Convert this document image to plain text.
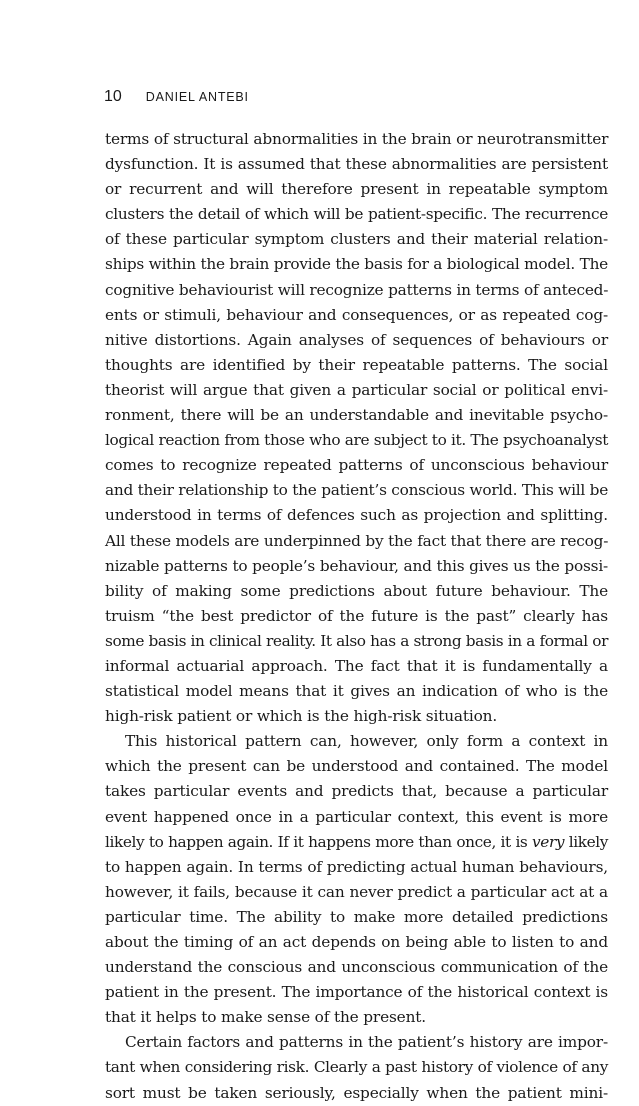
10 DANIEL ANTEBI
terms of structural abnormalities in the brain or neurotransmitter
dysfunction. It is assumed that these abnormalities are persistent
or recurrent and will therefore present in repeatable symptom
clusters the detail of which will be patient-specific. The recurrence
of these particular symptom clusters and their material relation-
ships within the brain provide the basis for a biological model. The
cognitive behaviourist will recognize patterns in terms of anteced-
ents or stimuli, behaviour and consequences, or as repeated cog-
nitive distortions. Again analyses of sequences of behaviours or
thoughts are identified by their repeatable patterns. The social
theorist will argue that given a particular social or political envi-
ronment, there will be an understandable and inevitable psycho-
logical reaction from those who are subject to it. The psychoanalyst
comes to recognize repeated patterns of unconscious behaviour
and their relationship to the patient’s conscious world. This will be
understood in terms of defences such as projection and splitting.
All these models are underpinned by the fact that there are recog-
nizable patterns to people’s behaviour, and this gives us the possi-
bility of making some predictions about future behaviour. The
truism “the best predictor of the future is the past” clearly has
some basis in clinical reality. It also has a strong basis in a formal or
informal actuarial approach. The fact that it is fundamentally a
statistical model means that it gives an indication of who is the
high-risk patient or which is the high-risk situation.
This historical pattern can, however, only form a context in
which the present can be understood and contained. The model
takes particular events and predicts that, because a particular
event happened once in a particular context, this event is more
likely to happen again. If it happens more than once, it is very likely
to happen again. In terms of predicting actual human behaviours,
however, it fails, because it can never predict a particular act at a
particular time. The ability to make more detailed predictions
about the timing of an act depends on being able to listen to and
understand the conscious and unconscious communication of the
patient in the present. The importance of the historical context is
that it helps to make sense of the present.
Certain factors and patterns in the patient’s history are impor-
tant when considering risk. Clearly a past history of violence of any
sort must be taken seriously, especially when the patient mini-
